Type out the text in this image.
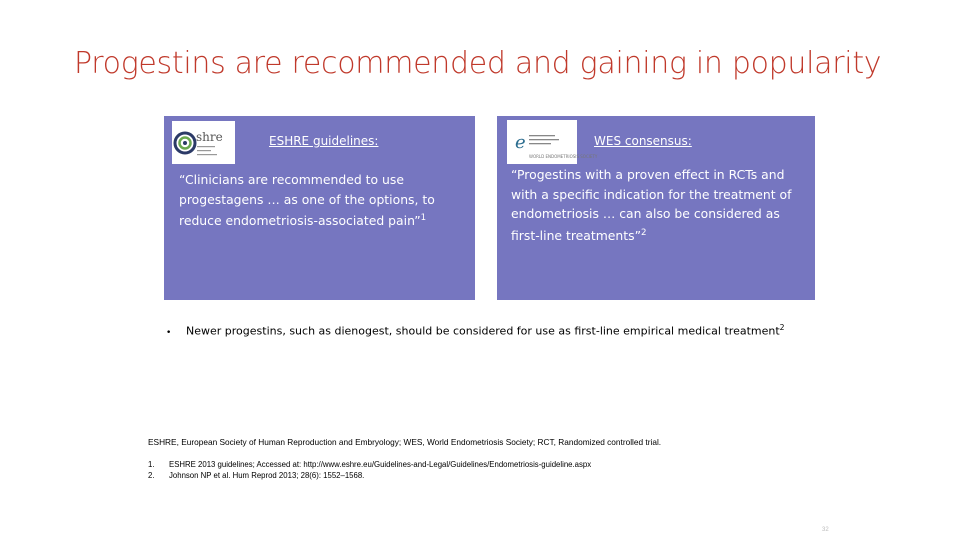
Progestins are recommended and gaining in popularity
shre	ESHRE guidelines:
“Clinicians are recommended to use progestagens … as one of the options, to reduce endometriosis-associated pain”$^1$
e
WORLD ENDOMETRIOSIS SOCIETY
WES consensus:
“Progestins with a proven effect in RCTs and with a specific indication for the treatment of endometriosis … can also be considered as first-line treatments”$^2$
• Newer progestins, such as dienogest, should be considered for use as first-line empirical medical treatment$^2$
ESHRE, European Society of Human Reproduction and Embryology; WES, World Endometriosis Society; RCT, Randomized controlled trial.
1. ESHRE 2013 guidelines; Accessed at: http://www.eshre.eu/Guidelines-and-Legal/Guidelines/Endometriosis-guideline.aspx
2. Johnson NP et al. Hum Reprod 2013; 28(6): 1552–1568.
32
